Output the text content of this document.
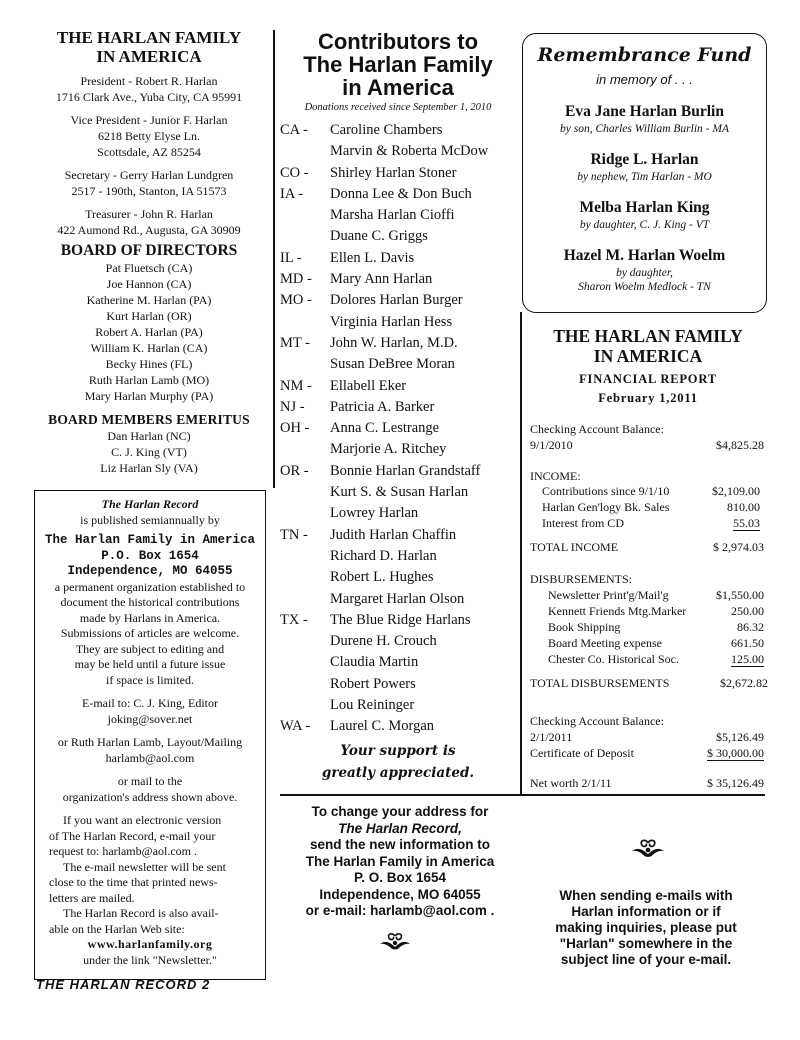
THE HARLAN FAMILY
IN AMERICA
President - Robert R. Harlan
1716 Clark Ave., Yuba City, CA 95991
Vice President - Junior F. Harlan
6218 Betty Elyse Ln.
Scottsdale, AZ 85254
Secretary - Gerry Harlan Lundgren
2517 - 190th, Stanton, IA 51573
Treasurer - John R. Harlan
422 Aumond Rd., Augusta, GA 30909
BOARD OF DIRECTORS
Pat Fluetsch (CA)
Joe Hannon (CA)
Katherine M. Harlan (PA)
Kurt Harlan (OR)
Robert A. Harlan (PA)
William K. Harlan (CA)
Becky Hines (FL)
Ruth Harlan Lamb (MO)
Mary Harlan Murphy (PA)
BOARD MEMBERS EMERITUS
Dan Harlan (NC)
C. J. King (VT)
Liz Harlan Sly (VA)
The Harlan Record
is published semiannually by
The Harlan Family in America
P.O. Box 1654
Independence, MO 64055
a permanent organization established to
document the historical contributions
made by Harlans in America.
Submissions of articles are welcome.
They are subject to editing and
may be held until a future issue
if space is limited.
E-mail to: C. J. King, Editor
joking@sover.net
or Ruth Harlan Lamb, Layout/Mailing
harlamb@aol.com
or mail to the
organization's address shown above.
If you want an electronic version
of The Harlan Record, e-mail your
request to: harlamb@aol.com .
The e-mail newsletter will be sent
close to the time that printed news-
letters are mailed.
The Harlan Record is also avail-
able on the Harlan Web site:
www.harlanfamily.org
under the link "Newsletter."
THE HARLAN RECORD 2
Contributors to
The Harlan Family
in America
Donations received since September 1, 2010
CA - Caroline Chambers
Marvin & Roberta McDow
CO - Shirley Harlan Stoner
IA - Donna Lee & Don Buch
Marsha Harlan Cioffi
Duane C. Griggs
IL - Ellen L. Davis
MD - Mary Ann Harlan
MO - Dolores Harlan Burger
Virginia Harlan Hess
MT - John W. Harlan, M.D.
Susan DeBree Moran
NM - Ellabell Eker
NJ - Patricia A. Barker
OH - Anna C. Lestrange
Marjorie A. Ritchey
OR - Bonnie Harlan Grandstaff
Kurt S. & Susan Harlan
Lowrey Harlan
TN - Judith Harlan Chaffin
Richard D. Harlan
Robert L. Hughes
Margaret Harlan Olson
TX - The Blue Ridge Harlans
Durene H. Crouch
Claudia Martin
Robert Powers
Lou Reininger
WA - Laurel C. Morgan
Your support is
greatly appreciated.
Remembrance Fund
in memory of . . .
Eva Jane Harlan Burlin
by son, Charles William Burlin - MA
Ridge L. Harlan
by nephew, Tim Harlan - MO
Melba Harlan King
by daughter, C. J. King - VT
Hazel M. Harlan Woelm
by daughter,
Sharon Woelm Medlock - TN
THE HARLAN FAMILY
IN AMERICA
FINANCIAL REPORT
February 1,2011
Checking Account Balance:
9/1/2010	$4,825.28
INCOME:
Contributions since 9/1/10	$2,109.00
Harlan Gen'logy Bk. Sales	810.00
Interest from CD	55.03
TOTAL INCOME	$ 2,974.03
DISBURSEMENTS:
Newsletter Print'g/Mail'g	$1,550.00
Kennett Friends Mtg.Marker	250.00
Book Shipping	86.32
Board Meeting expense	661.50
Chester Co. Historical Soc.	125.00
TOTAL DISBURSEMENTS	$2,672.82
Checking Account Balance:
2/1/2011	$5,126.49
Certificate of Deposit	$ 30,000.00
Net worth 2/1/11	$ 35,126.49
To change your address for
The Harlan Record,
send the new information to
The Harlan Family in America
P. O. Box 1654
Independence, MO 64055
or e-mail: harlamb@aol.com .
When sending e-mails with
Harlan information or if
making inquiries, please put
"Harlan" somewhere in the
subject line of your e-mail.
